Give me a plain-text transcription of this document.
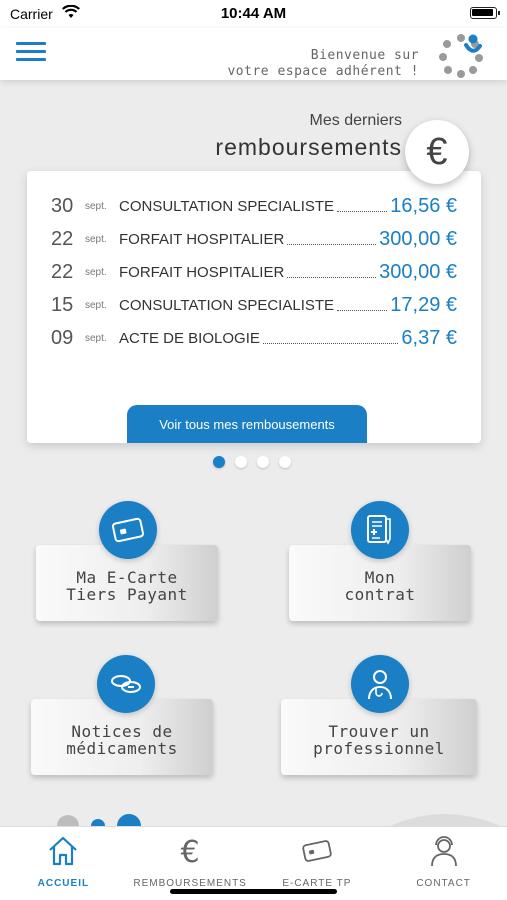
Carrier	10:44 AM
Bienvenue sur
votre espace adhérent !
Mes derniers
remboursements €
30	sept. CONSULTATION SPECIALISTE	16,56 €
22	sept. FORFAIT HOSPITALIER	300,00 €
22	sept. FORFAIT HOSPITALIER	300,00 €
15	sept. CONSULTATION SPECIALISTE	17,29 €
09	sept. ACTE DE BIOLOGIE	6,37 €
Voir tous mes rembousements
Ma E-Carte
Tiers Payant
Mon
contrat
Notices de
médicaments
Trouver un
professionnel
ACCUEIL
€
REMBOURSEMENTS	E-CARTE TP	CONTACT
